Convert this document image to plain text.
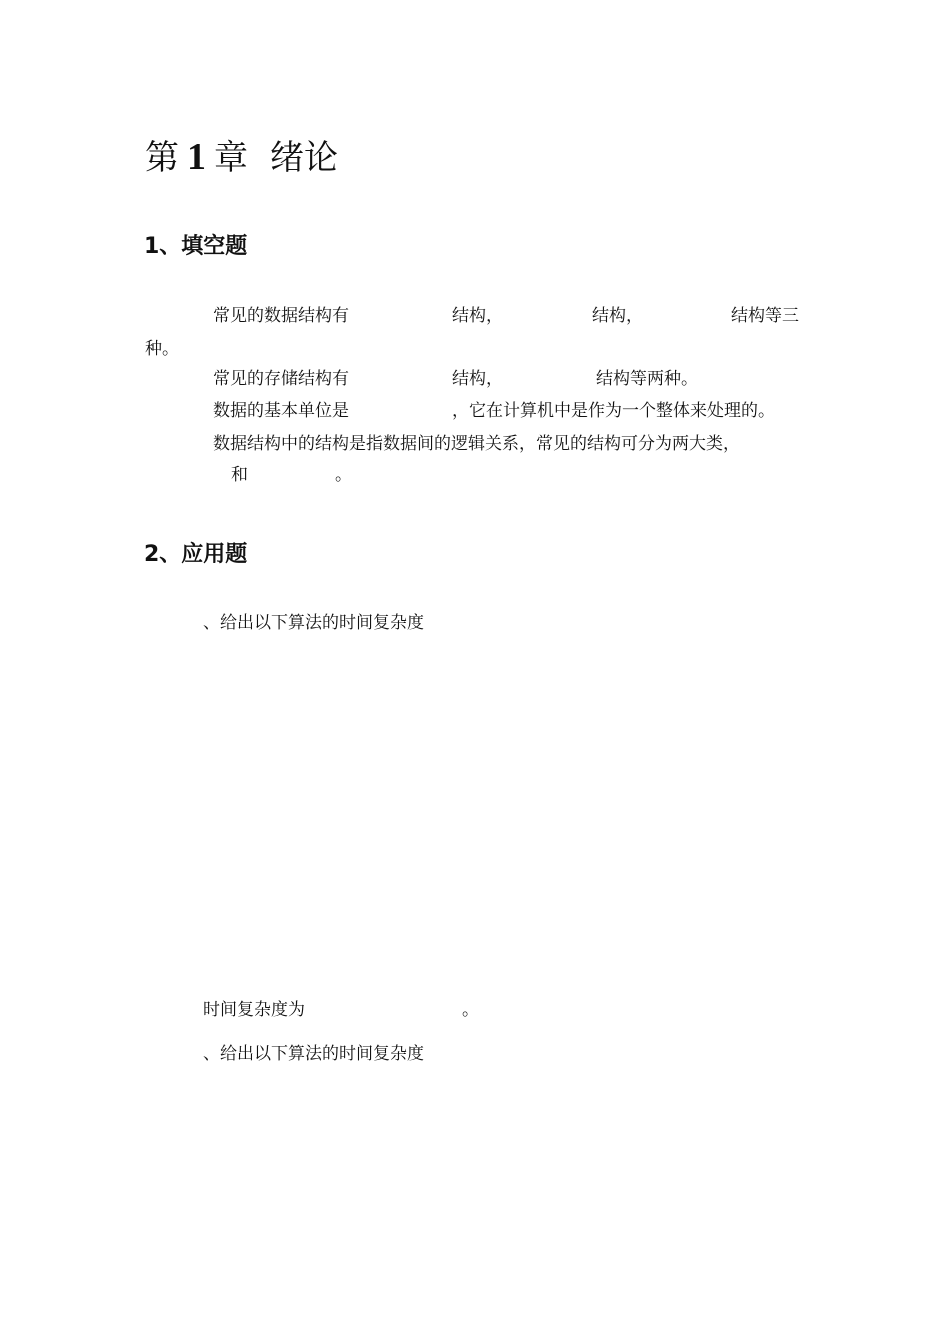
第 1 章 绪论
1、填空题
常见的数据结构有	结构，	结构，	结构等三
种。
常见的存储结构有	结构，	结构等两种。
数据的基本单位是	，它在计算机中是作为一个整体来处理的。
数据结构中的结构是指数据间的逻辑关系，常见的结构可分为两大类，
和	。
2、应用题
、给出以下算法的时间复杂度
时间复杂度为	。
、给出以下算法的时间复杂度
